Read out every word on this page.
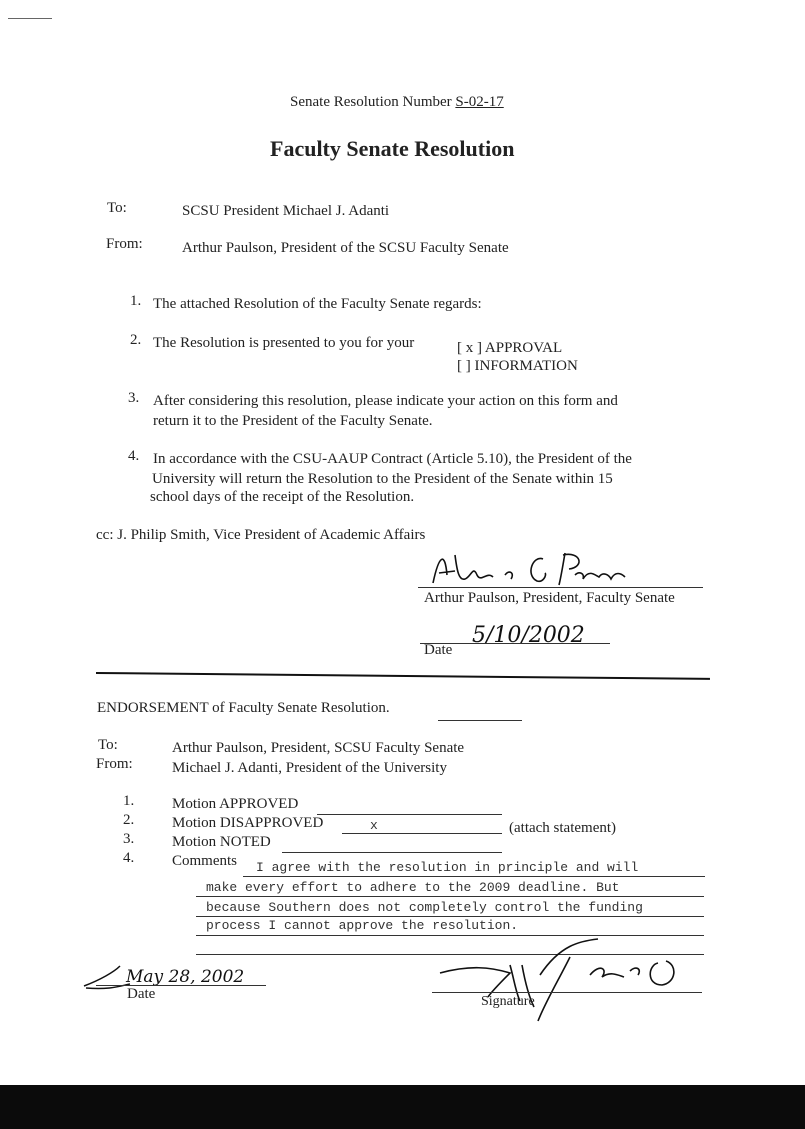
Senate Resolution Number S-02-17
Faculty Senate Resolution
To:	SCSU President Michael J. Adanti
From:	Arthur Paulson, President of the SCSU Faculty Senate
1. The attached Resolution of the Faculty Senate regards:
2. The Resolution is presented to you for your	[ x ] APPROVAL
[ ] INFORMATION
3. After considering this resolution, please indicate your action on this form and
return it to the President of the Faculty Senate.
4. In accordance with the CSU-AAUP Contract (Article 5.10), the President of the
University will return the Resolution to the President of the Senate within 15
school days of the receipt of the Resolution.
cc: J. Philip Smith, Vice President of Academic Affairs
Arthur Paulson, President, Faculty Senate
5/10/2002
Date
ENDORSEMENT of Faculty Senate Resolution.
To:	Arthur Paulson, President, SCSU Faculty Senate
From:	Michael J. Adanti, President of the University
1.	Motion APPROVED
2.	Motion DISAPPROVED	x	(attach statement)
3.	Motion NOTED
4.	Comments I agree with the resolution in principle and will
make every effort to adhere to the 2009 deadline. But
because Southern does not completely control the funding
process I cannot approve the resolution.
May 28, 2002
Date	Signature
